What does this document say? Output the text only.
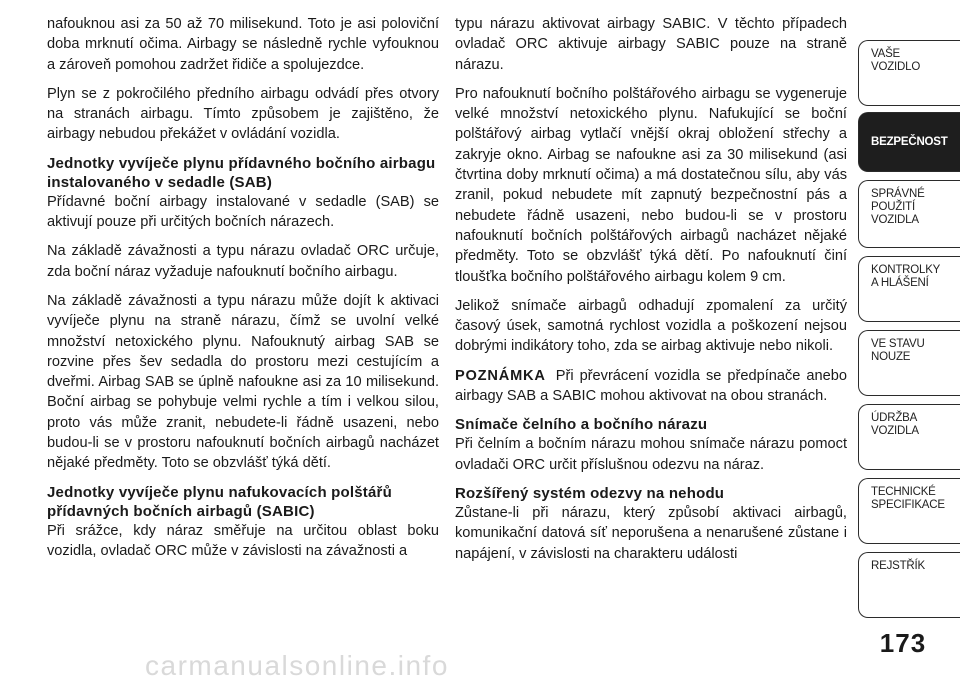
nafouknou asi za 50 až 70 milisekund. Toto je asi poloviční doba mrknutí očima. Airbagy se následně rychle vyfouknou a zároveň pomohou zadržet řidiče a spolujezdce.

Plyn se z pokročilého předního airbagu odvádí přes otvory na stranách airbagu. Tímto způsobem je zajištěno, že airbagy nebudou překážet v ovládání vozidla.

Jednotky vyvíječe plynu přídavného bočního airbagu instalovaného v sedadle (SAB)

Přídavné boční airbagy instalované v sedadle (SAB) se aktivují pouze při určitých bočních nárazech.

Na základě závažnosti a typu nárazu ovladač ORC určuje, zda boční náraz vyžaduje nafouknutí bočního airbagu.

Na základě závažnosti a typu nárazu může dojít k aktivaci vyvíječe plynu na straně nárazu, čímž se uvolní velké množství netoxického plynu. Nafouknutý airbag SAB se rozvine přes šev sedadla do prostoru mezi cestujícím a dveřmi. Airbag SAB se úplně nafoukne asi za 10 milisekund. Boční airbag se pohybuje velmi rychle a tím i velkou silou, proto vás může zranit, nebudete-li řádně usazeni, nebo budou-li se v prostoru nafouknutí bočních airbagů nacházet nějaké předměty. Toto se obzvlášť týká dětí.

Jednotky vyvíječe plynu nafukovacích polštářů přídavných bočních airbagů (SABIC)

Při srážce, kdy náraz směřuje na určitou oblast boku vozidla, ovladač ORC může v závislosti na závažnosti a

typu nárazu aktivovat airbagy SABIC. V těchto případech ovladač ORC aktivuje airbagy SABIC pouze na straně nárazu.

Pro nafouknutí bočního polštářového airbagu se vygeneruje velké množství netoxického plynu. Nafukující se boční polštářový airbag vytlačí vnější okraj obložení střechy a zakryje okno. Airbag se nafoukne asi za 30 milisekund (asi čtvrtina doby mrknutí očima) a má dostatečnou sílu, aby vás zranil, pokud nebudete mít zapnutý bezpečnostní pás a nebudete řádně usazeni, nebo budou-li se v prostoru nafouknutí bočních polštářových airbagů nacházet nějaké předměty. Toto se obzvlášť týká dětí. Po nafouknutí činí tloušťka bočního polštářového airbagu kolem 9 cm.

Jelikož snímače airbagů odhadují zpomalení za určitý časový úsek, samotná rychlost vozidla a poškození nejsou dobrými indikátory toho, zda se airbag aktivuje nebo nikoli.

POZNÁMKA Při převrácení vozidla se předpínače anebo airbagy SAB a SABIC mohou aktivovat na obou stranách.

Snímače čelního a bočního nárazu

Při čelním a bočním nárazu mohou snímače nárazu pomoct ovladači ORC určit příslušnou odezvu na náraz.

Rozšířený systém odezvy na nehodu

Zůstane-li při nárazu, který způsobí aktivaci airbagů, komunikační datová síť neporušena a nenarušené zůstane i napájení, v závislosti na charakteru události

VAŠE
VOZIDLO
BEZPEČNOST
SPRÁVNÉ
POUŽITÍ
VOZIDLA
KONTROLKY
A HLÁŠENÍ
VE STAVU
NOUZE
ÚDRŽBA
VOZIDLA
TECHNICKÉ
SPECIFIKACE
REJSTŘÍK
173
carmanualsonline.info
